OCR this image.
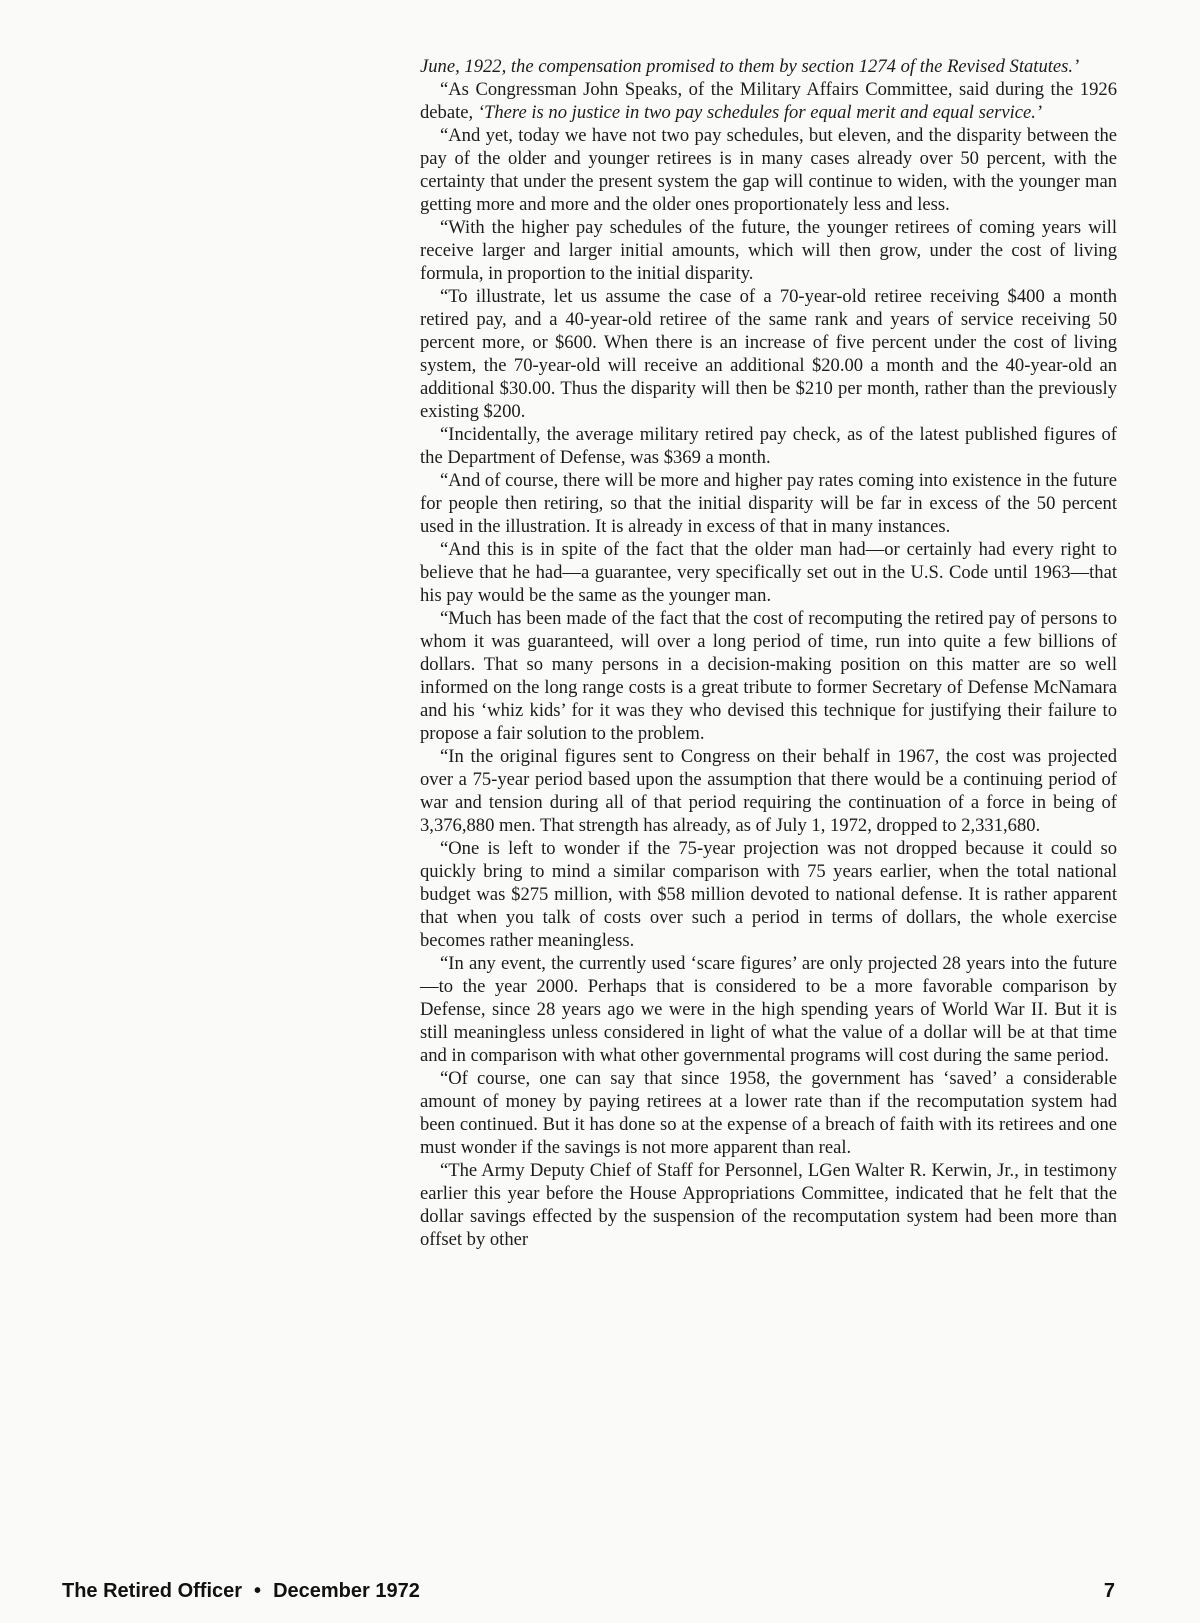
June, 1922, the compensation promised to them by section 1274 of the Revised Statutes.’

“As Congressman John Speaks, of the Military Affairs Committee, said during the 1926 debate, ‘There is no justice in two pay schedules for equal merit and equal service.’

“And yet, today we have not two pay schedules, but eleven, and the disparity between the pay of the older and younger retirees is in many cases already over 50 percent, with the certainty that under the present system the gap will continue to widen, with the younger man getting more and more and the older ones proportionately less and less.

“With the higher pay schedules of the future, the younger retirees of coming years will receive larger and larger initial amounts, which will then grow, under the cost of living formula, in proportion to the initial disparity.

“To illustrate, let us assume the case of a 70-year-old retiree receiving $400 a month retired pay, and a 40-year-old retiree of the same rank and years of service receiving 50 percent more, or $600. When there is an increase of five percent under the cost of living system, the 70-year-old will receive an additional $20.00 a month and the 40-year-old an additional $30.00. Thus the disparity will then be $210 per month, rather than the previously existing $200.

“Incidentally, the average military retired pay check, as of the latest published figures of the Department of Defense, was $369 a month.

“And of course, there will be more and higher pay rates coming into existence in the future for people then retiring, so that the initial disparity will be far in excess of the 50 percent used in the illustration. It is already in excess of that in many instances.

“And this is in spite of the fact that the older man had—or certainly had every right to believe that he had—a guarantee, very specifically set out in the U.S. Code until 1963—that his pay would be the same as the younger man.

“Much has been made of the fact that the cost of recomputing the retired pay of persons to whom it was guaranteed, will over a long period of time, run into quite a few billions of dollars. That so many persons in a decision-making position on this matter are so well informed on the long range costs is a great tribute to former Secretary of Defense McNamara and his ‘whiz kids’ for it was they who devised this technique for justifying their failure to propose a fair solution to the problem.

“In the original figures sent to Congress on their behalf in 1967, the cost was projected over a 75-year period based upon the assumption that there would be a continuing period of war and tension during all of that period requiring the continuation of a force in being of 3,376,880 men. That strength has already, as of July 1, 1972, dropped to 2,331,680.

“One is left to wonder if the 75-year projection was not dropped because it could so quickly bring to mind a similar comparison with 75 years earlier, when the total national budget was $275 million, with $58 million devoted to national defense. It is rather apparent that when you talk of costs over such a period in terms of dollars, the whole exercise becomes rather meaningless.

“In any event, the currently used ‘scare figures’ are only projected 28 years into the future—to the year 2000. Perhaps that is considered to be a more favorable comparison by Defense, since 28 years ago we were in the high spending years of World War II. But it is still meaningless unless considered in light of what the value of a dollar will be at that time and in comparison with what other governmental programs will cost during the same period.

“Of course, one can say that since 1958, the government has ‘saved’ a considerable amount of money by paying retirees at a lower rate than if the recomputation system had been continued. But it has done so at the expense of a breach of faith with its retirees and one must wonder if the savings is not more apparent than real.

“The Army Deputy Chief of Staff for Personnel, LGen Walter R. Kerwin, Jr., in testimony earlier this year before the House Appropriations Committee, indicated that he felt that the dollar savings effected by the suspension of the recomputation system had been more than offset by other

The Retired Officer • December 1972	7
